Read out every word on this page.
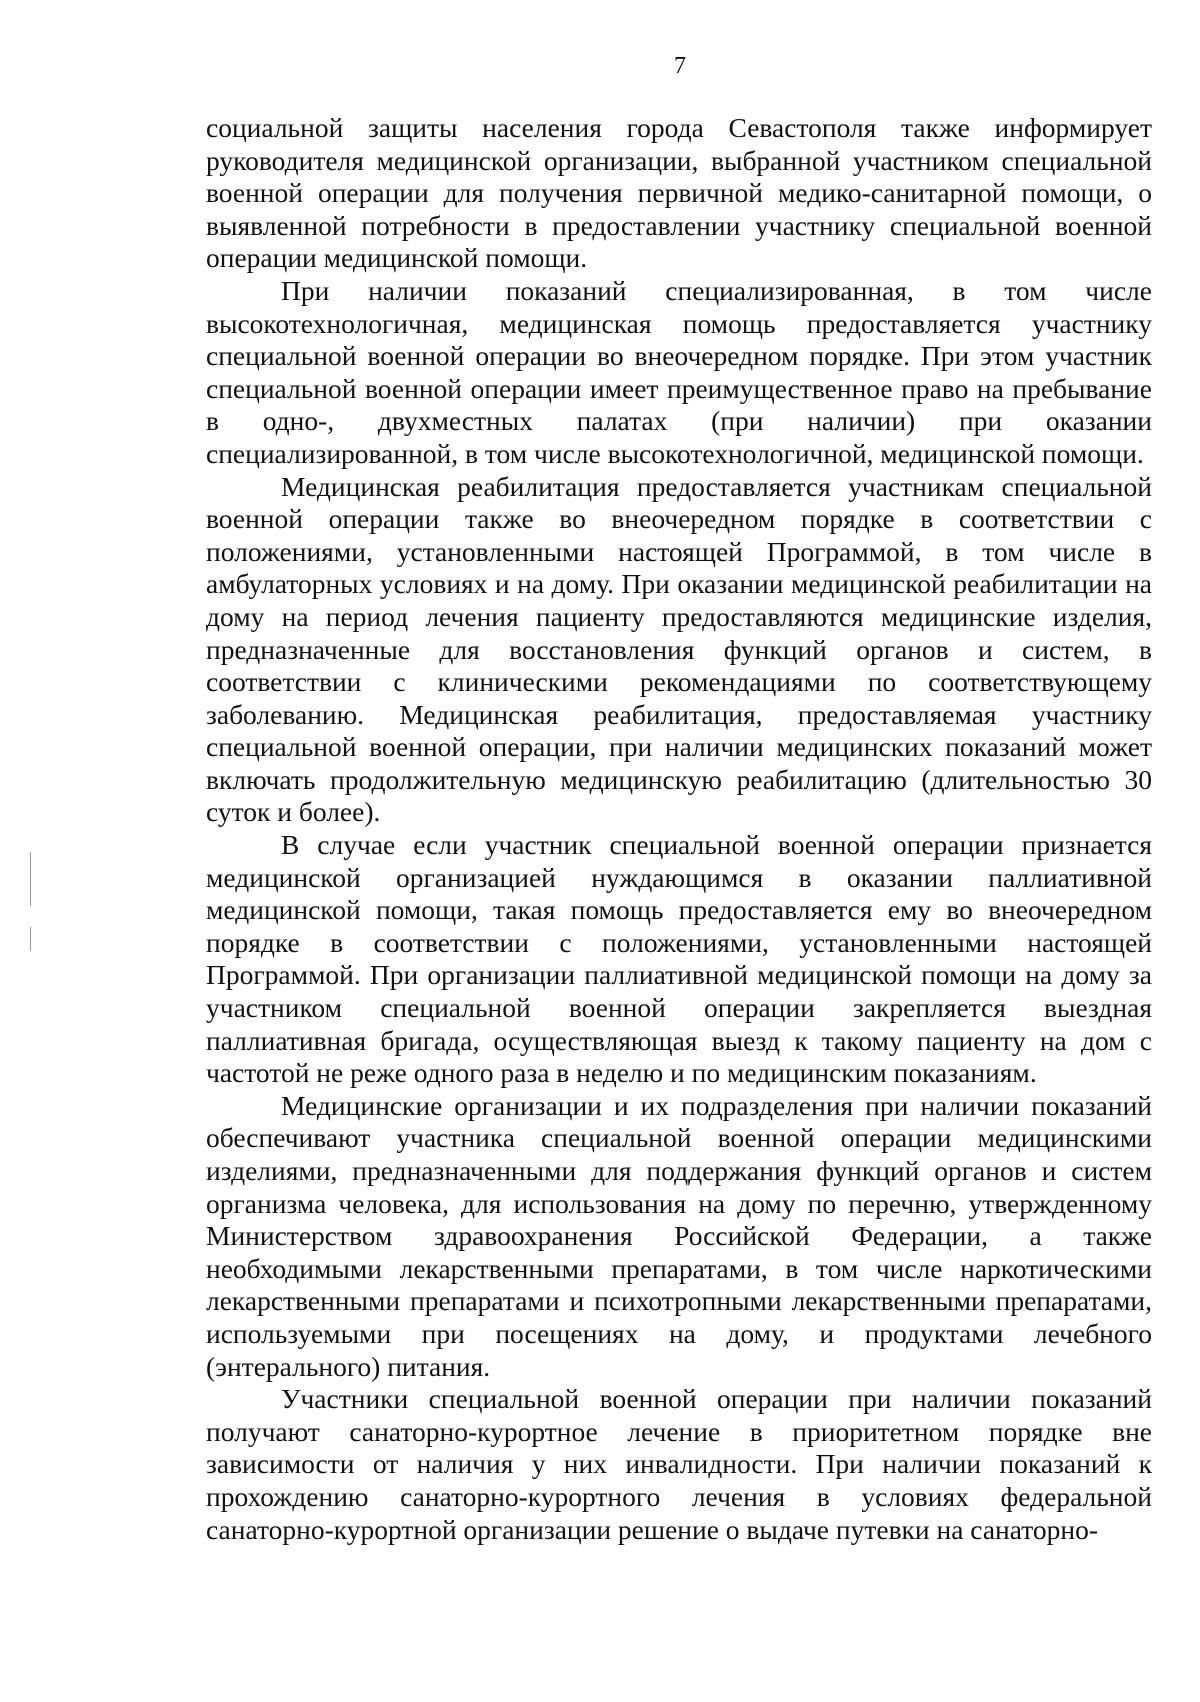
7

социальной защиты населения города Севастополя также информирует руководителя медицинской организации, выбранной участником специальной военной операции для получения первичной медико-санитарной помощи, о выявленной потребности в предоставлении участнику специальной военной операции медицинской помощи.

При наличии показаний специализированная, в том числе высокотехнологичная, медицинская помощь предоставляется участнику специальной военной операции во внеочередном порядке. При этом участник специальной военной операции имеет преимущественное право на пребывание в одно-, двухместных палатах (при наличии) при оказании специализированной, в том числе высокотехнологичной, медицинской помощи.

Медицинская реабилитация предоставляется участникам специальной военной операции также во внеочередном порядке в соответствии с положениями, установленными настоящей Программой, в том числе в амбулаторных условиях и на дому. При оказании медицинской реабилитации на дому на период лечения пациенту предоставляются медицинские изделия, предназначенные для восстановления функций органов и систем, в соответствии с клиническими рекомендациями по соответствующему заболеванию. Медицинская реабилитация, предоставляемая участнику специальной военной операции, при наличии медицинских показаний может включать продолжительную медицинскую реабилитацию (длительностью 30 суток и более).

В случае если участник специальной военной операции признается медицинской организацией нуждающимся в оказании паллиативной медицинской помощи, такая помощь предоставляется ему во внеочередном порядке в соответствии с положениями, установленными настоящей Программой. При организации паллиативной медицинской помощи на дому за участником специальной военной операции закрепляется выездная паллиативная бригада, осуществляющая выезд к такому пациенту на дом с частотой не реже одного раза в неделю и по медицинским показаниям.

Медицинские организации и их подразделения при наличии показаний обеспечивают участника специальной военной операции медицинскими изделиями, предназначенными для поддержания функций органов и систем организма человека, для использования на дому по перечню, утвержденному Министерством здравоохранения Российской Федерации, а также необходимыми лекарственными препаратами, в том числе наркотическими лекарственными препаратами и психотропными лекарственными препаратами, используемыми при посещениях на дому, и продуктами лечебного (энтерального) питания.

Участники специальной военной операции при наличии показаний получают санаторно-курортное лечение в приоритетном порядке вне зависимости от наличия у них инвалидности. При наличии показаний к прохождению санаторно-курортного лечения в условиях федеральной санаторно-курортной организации решение о выдаче путевки на санаторно-
